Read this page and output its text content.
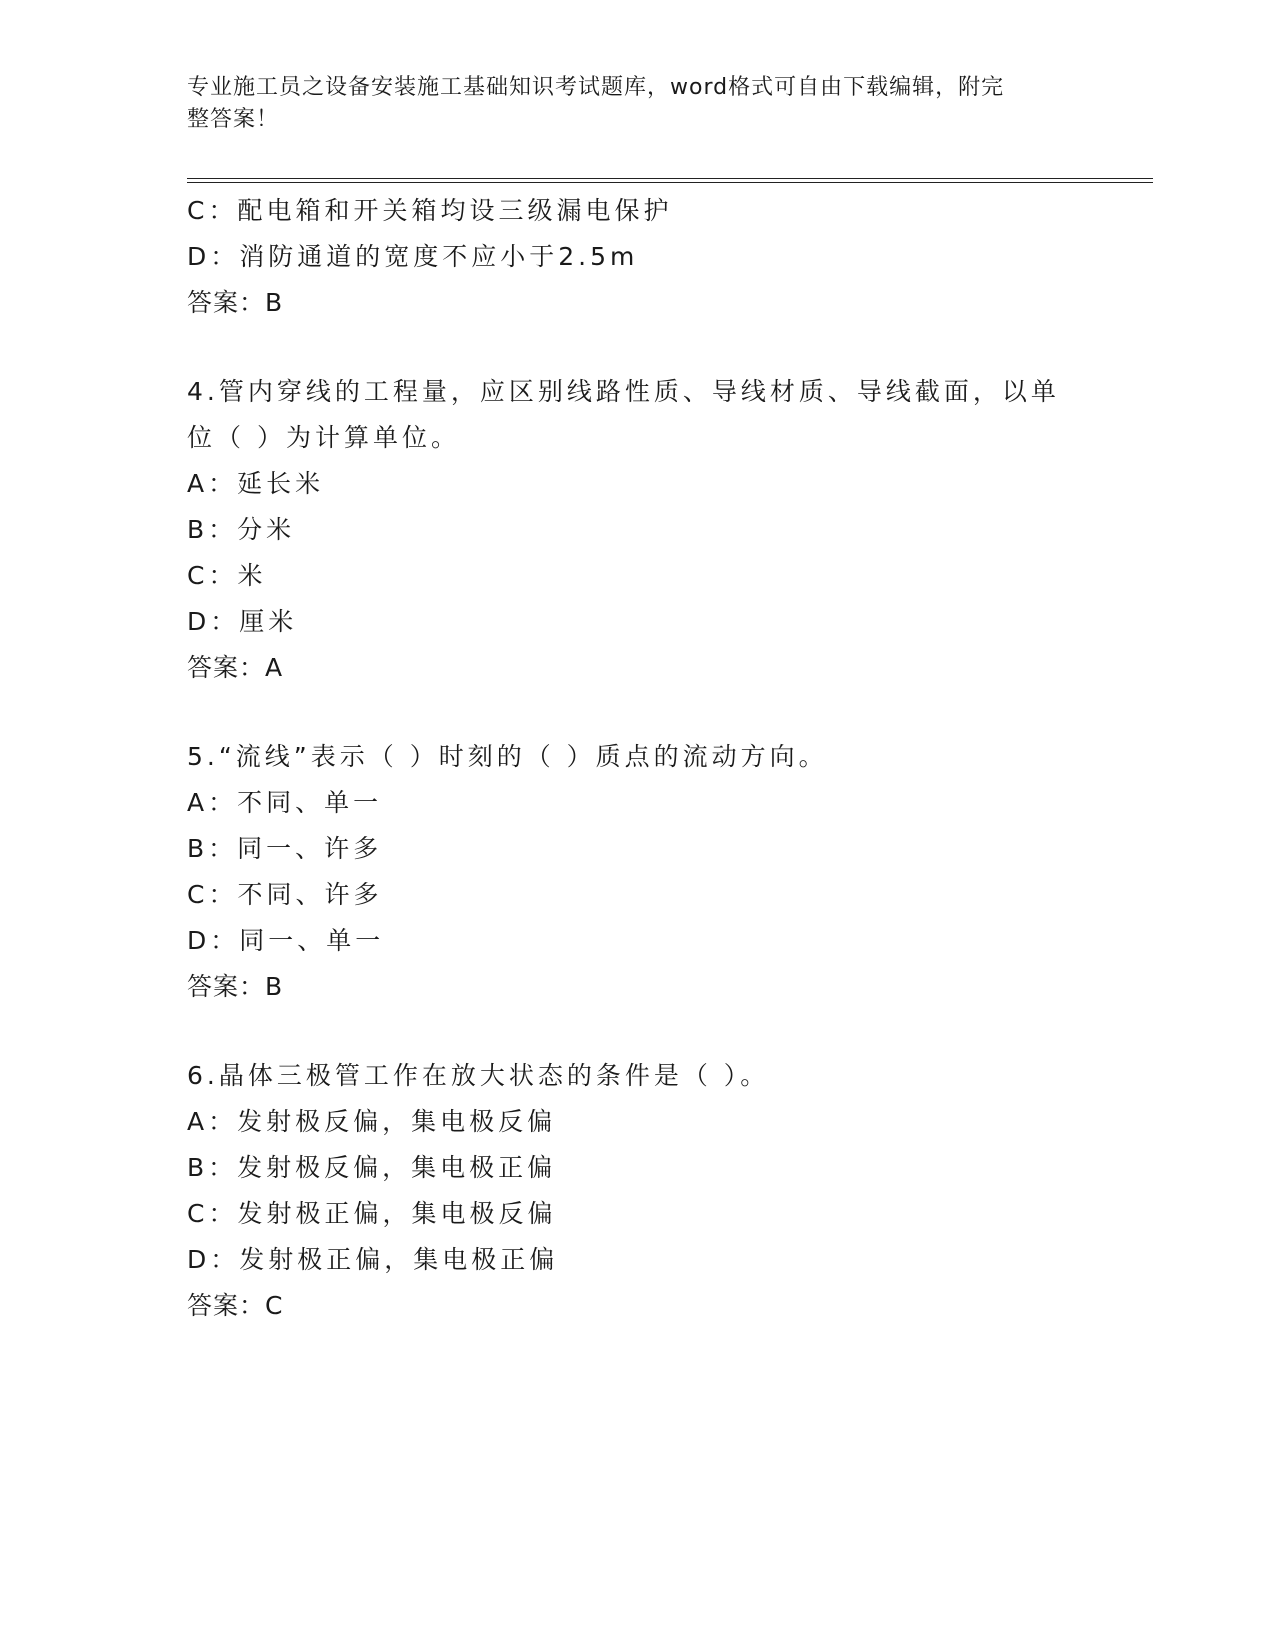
专业施工员之设备安装施工基础知识考试题库，word格式可自由下载编辑，附完
整答案！
C：配电箱和开关箱均设三级漏电保护
D：消防通道的宽度不应小于2.5m
答案：B
4.管内穿线的工程量，应区别线路性质、导线材质、导线截面，以单
位（ ）为计算单位。
A：延长米
B：分米
C：米
D：厘米
答案：A
5.“流线”表示（ ）时刻的（ ）质点的流动方向。
A：不同、单一
B：同一、许多
C：不同、许多
D：同一、单一
答案：B
6.晶体三极管工作在放大状态的条件是（ ）。
A：发射极反偏，集电极反偏
B：发射极反偏，集电极正偏
C：发射极正偏，集电极反偏
D：发射极正偏，集电极正偏
答案：C
